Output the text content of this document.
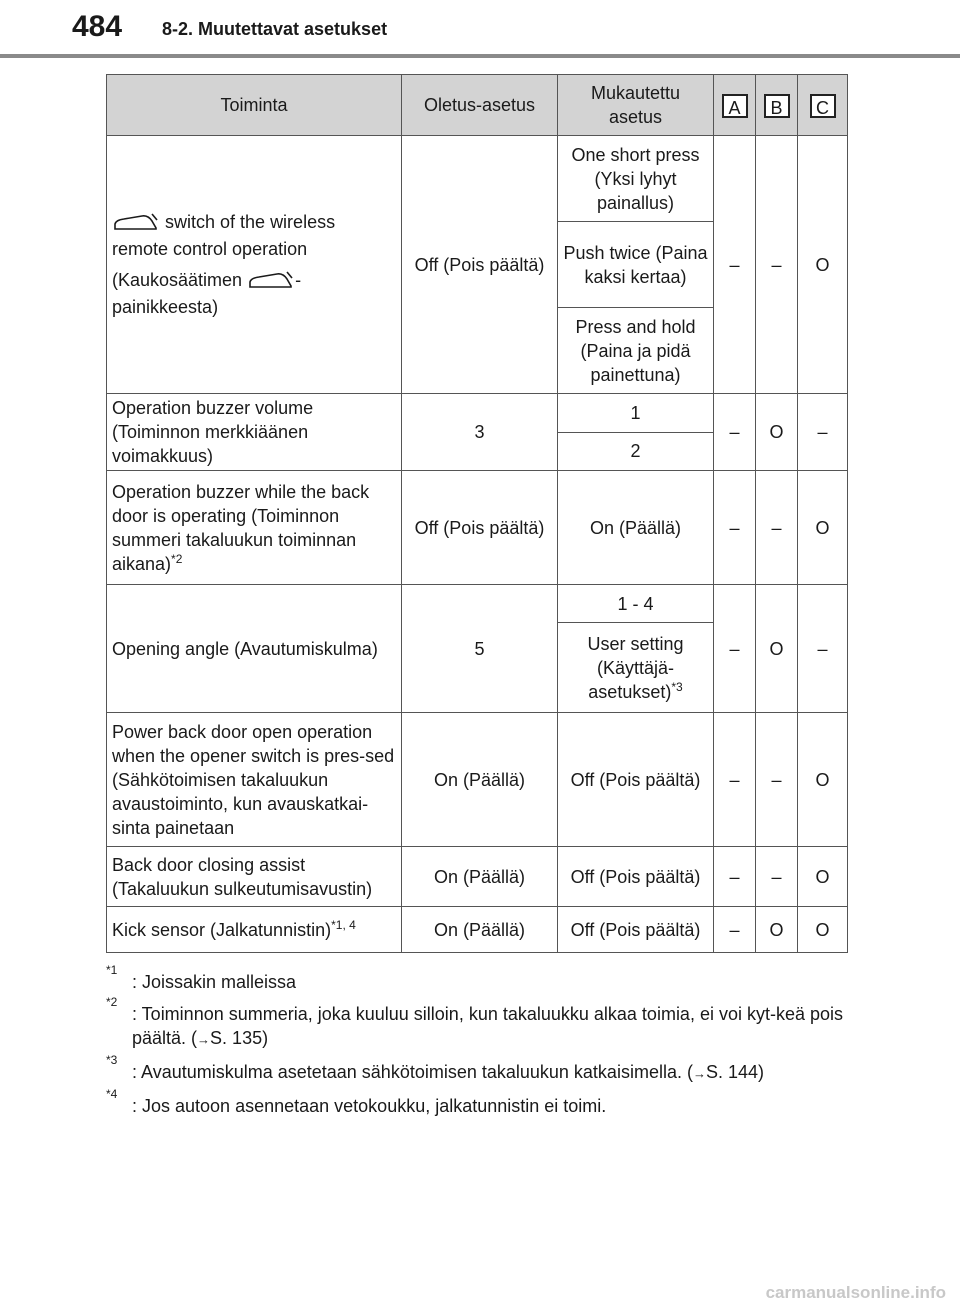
484 8-2. Muutettavat asetukset
Toiminta	Oletus-asetus	Mukautettu asetus	A	B	C

switch of the wireless
remote control operation
(Kaukosäätimen -
painikkeesta)	Off (Pois päältä)	One short press (Yksi lyhyt painallus)	–	–	O
		Push twice (Paina kaksi kertaa)			
		Press and hold (Paina ja pidä painettuna)			
Operation buzzer volume (Toiminnon merkkiäänen voimakkuus)	3	1	–	O	–
		2			
Operation buzzer while the back door is operating (Toiminnon summeri takaluukun toiminnan aikana)$^{*2}$	Off (Pois päältä)	On (Päällä)	–	–	O
Opening angle (Avautumiskulma)	5	1 - 4	–	O	–
		User setting (Käyttäjä-asetukset)$^{*3}$
Power back door open operation when the opener switch is pres-sed (Sähkötoimisen takaluukun avaustoiminto, kun avauskatkai-sinta painetaan	On (Päällä)	Off (Pois päältä)	–	–	O
Back door closing assist (Takaluukun sulkeutumisavustin)	On (Päällä)	Off (Pois päältä)	–	–	O
Kick sensor (Jalkatunnistin)$^{*1, 4}$	On (Päällä)	Off (Pois päältä)	–	O	O
*1
: Joissakin malleissa
*2
: Toiminnon summeria, joka kuuluu silloin, kun takaluukku alkaa toimia, ei voi kyt-keä pois päältä. (→S. 135)
*3
: Avautumiskulma asetetaan sähkötoimisen takaluukun katkaisimella. (→S. 144)
*4
: Jos autoon asennetaan vetokoukku, jalkatunnistin ei toimi.
carmanualsonline.info
